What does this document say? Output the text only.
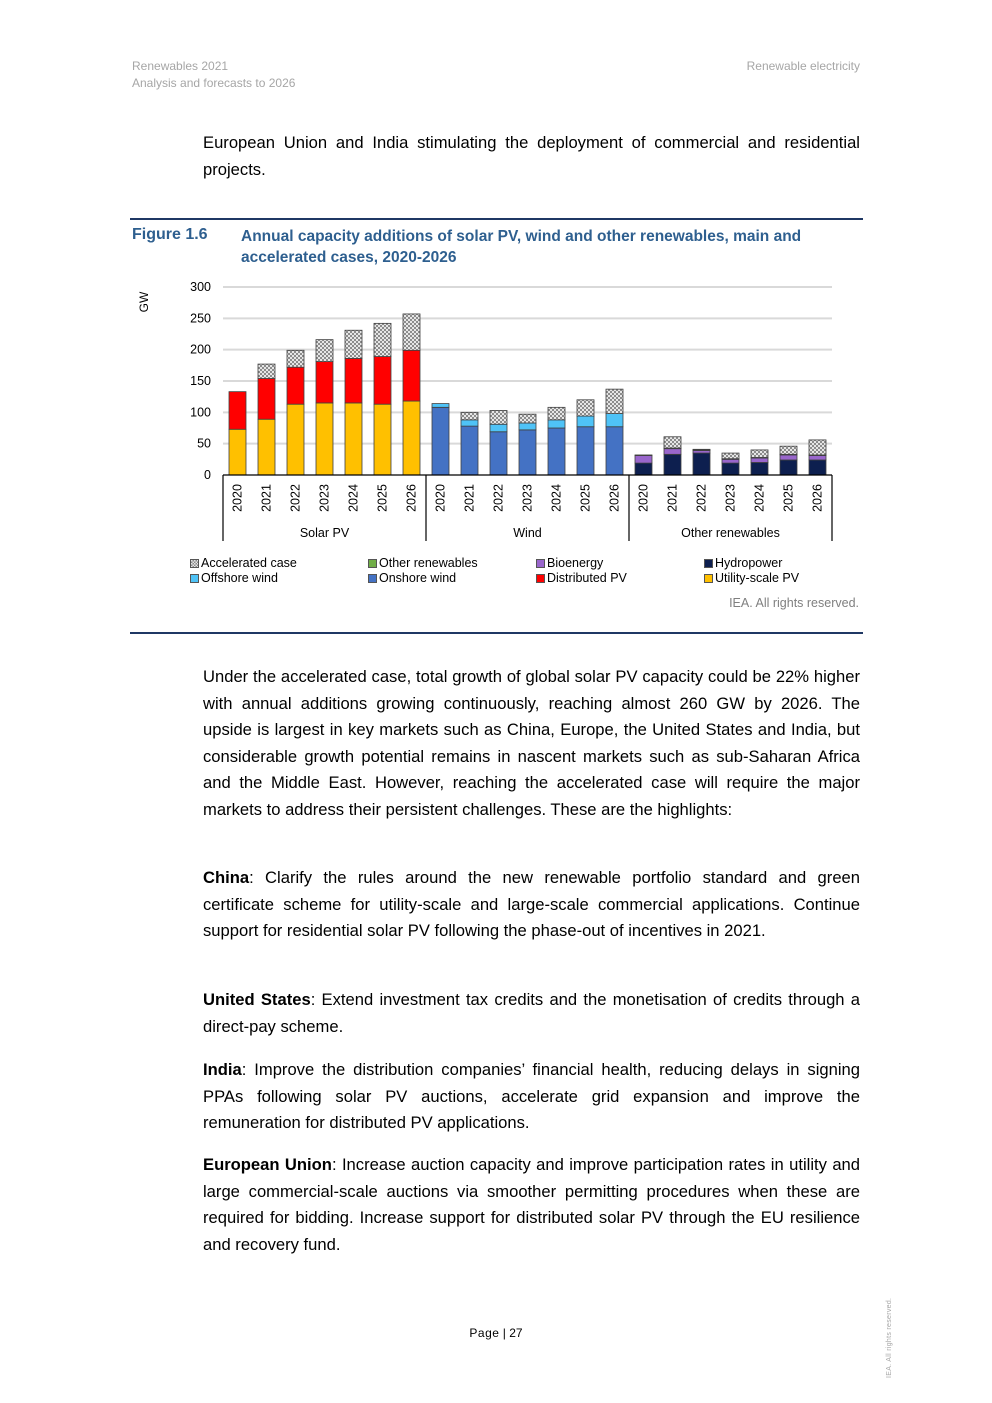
Renewables 2021
Analysis and forecasts to 2026
Renewable electricity

European Union and India stimulating the deployment of commercial and residential projects.

Figure 1.6 Annual capacity additions of solar PV, wind and other renewables, main and accelerated cases, 2020-2026
GW
0
50
100
150
200
250
300
2020 2021 2022 2023 2024 2025 2026 2020 2021 2022 2023 2024 2025 2026 2020 2021 2022 2023 2024 2025 2026
Solar PV	Wind	Other renewables
Accelerated case	Other renewables	Bioenergy	Hydropower
Offshore wind	Onshore wind	Distributed PV	Utility-scale PV
IEA. All rights reserved.

Under the accelerated case, total growth of global solar PV capacity could be 22% higher with annual additions growing continuously, reaching almost 260 GW by 2026. The upside is largest in key markets such as China, Europe, the United States and India, but considerable growth potential remains in nascent markets such as sub-Saharan Africa and the Middle East. However, reaching the accelerated case will require the major markets to address their persistent challenges. These are the highlights:

China: Clarify the rules around the new renewable portfolio standard and green certificate scheme for utility-scale and large-scale commercial applications. Continue support for residential solar PV following the phase-out of incentives in 2021.

United States: Extend investment tax credits and the monetisation of credits through a direct-pay scheme.

India: Improve the distribution companies’ financial health, reducing delays in signing PPAs following solar PV auctions, accelerate grid expansion and improve the remuneration for distributed PV applications.

European Union: Increase auction capacity and improve participation rates in utility and large commercial-scale auctions via smoother permitting procedures when these are required for bidding. Increase support for distributed solar PV through the EU resilience and recovery fund.

Page | 27	IEA. All rights reserved.
